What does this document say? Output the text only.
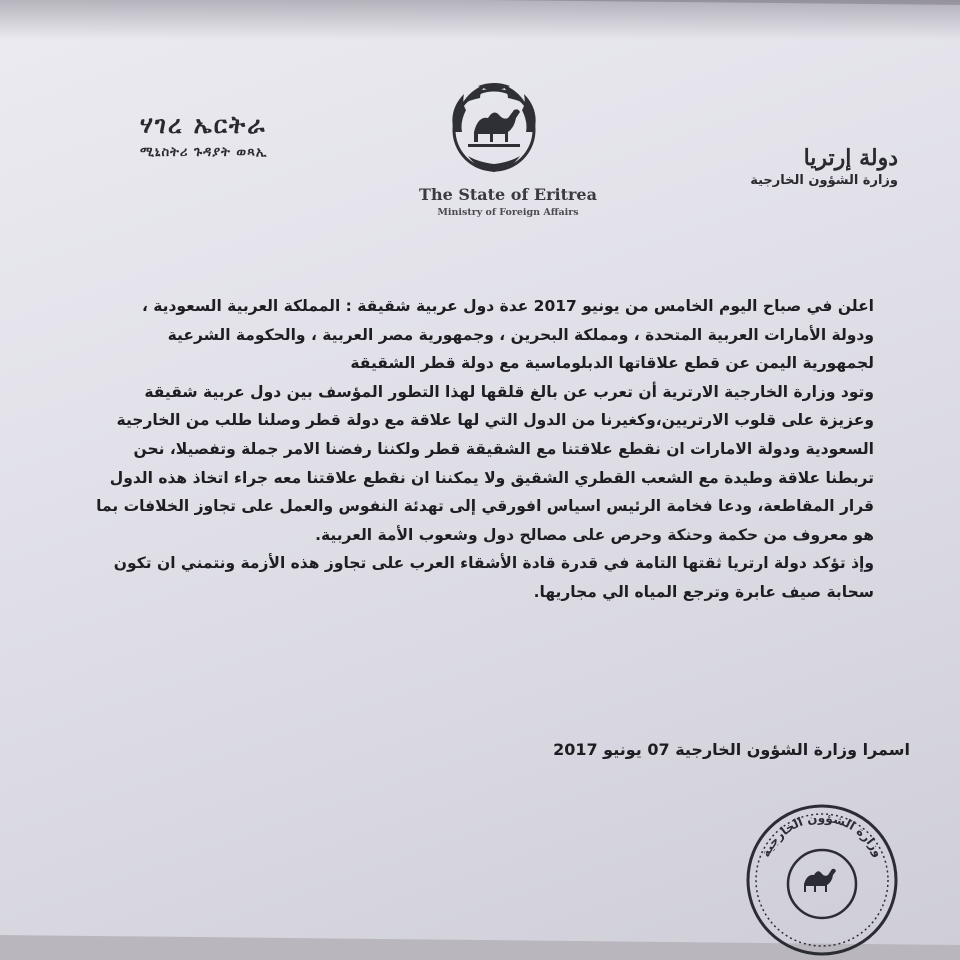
ሃገረ ኤርትራ
ሚኒስትሪ ጉዳያት ወጻኢ
The State of Eritrea
Ministry of Foreign Affairs
دولة إرتريا
وزارة الشؤون الخارجية

اعلن في صباح اليوم الخامس من يونيو 2017 عدة دول عربية شقيقة : المملكة العربية السعودية ،

ودولة الأمارات العربية المتحدة ، ومملكة البحرين ، وجمهورية مصر العربية ، والحكومة الشرعية

لجمهورية اليمن عن قطع علاقاتها الدبلوماسية مع دولة قطر الشقيقة

وتود وزارة الخارجية الارترية أن تعرب عن بالغ قلقها لهذا التطور المؤسف بين دول عربية شقيقة

وعزيزة على قلوب الارتريين،وكغيرنا من الدول التي لها علاقة مع دولة قطر وصلنا طلب من الخارجية

السعودية ودولة الامارات ان نقطع علاقتنا مع الشقيقة قطر ولكننا رفضنا الامر جملة وتفصيلا، نحن

تربطنا علاقة وطيدة مع الشعب القطري الشقيق ولا يمكننا ان نقطع علاقتنا معه جراء اتخاذ هذه الدول

قرار المقاطعة، ودعا فخامة الرئيس اسياس افورقي إلى تهدئة النفوس والعمل على تجاوز الخلافات بما

هو معروف من حكمة وحنكة وحرص على مصالح دول وشعوب الأمة العربية.

وإذ تؤكد دولة ارتريا ثقتها التامة في قدرة قادة الأشقاء العرب على تجاوز هذه الأزمة ونتمني ان تكون

سحابة صيف عابرة وترجع المياه الي مجاريها.

اسمرا وزارة الشؤون الخارجية 07 يونيو 2017
وزارة الشؤون الخارجية
